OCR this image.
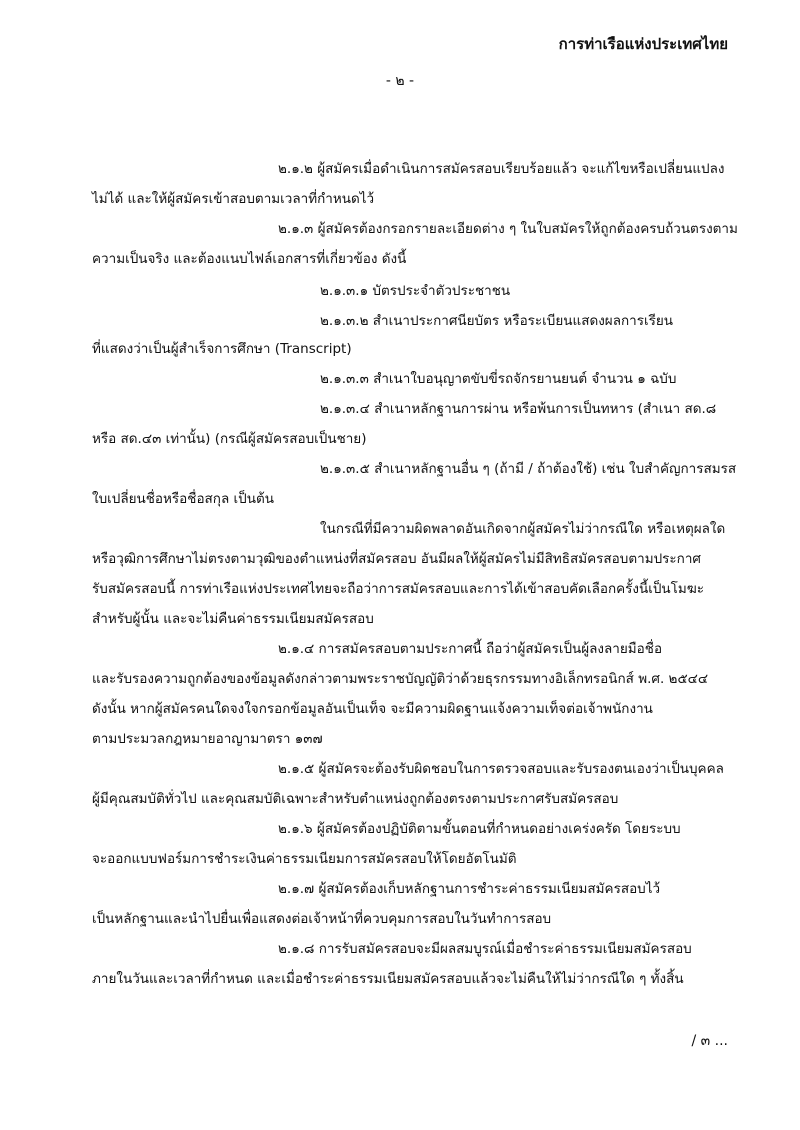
การท่าเรือแห่งประเทศไทย
- ๒ -
๒.๑.๒ ผู้สมัครเมื่อดำเนินการสมัครสอบเรียบร้อยแล้ว จะแก้ไขหรือเปลี่ยนแปลง
ไม่ได้ และให้ผู้สมัครเข้าสอบตามเวลาที่กำหนดไว้
๒.๑.๓ ผู้สมัครต้องกรอกรายละเอียดต่าง ๆ ในใบสมัครให้ถูกต้องครบถ้วนตรงตาม
ความเป็นจริง และต้องแนบไฟล์เอกสารที่เกี่ยวข้อง ดังนี้
๒.๑.๓.๑ บัตรประจำตัวประชาชน
๒.๑.๓.๒ สำเนาประกาศนียบัตร หรือระเบียนแสดงผลการเรียน
ที่แสดงว่าเป็นผู้สำเร็จการศึกษา (Transcript)
๒.๑.๓.๓ สำเนาใบอนุญาตขับขี่รถจักรยานยนต์ จำนวน ๑ ฉบับ
๒.๑.๓.๔ สำเนาหลักฐานการผ่าน หรือพ้นการเป็นทหาร (สำเนา สด.๘
หรือ สด.๔๓ เท่านั้น) (กรณีผู้สมัครสอบเป็นชาย)
๒.๑.๓.๕ สำเนาหลักฐานอื่น ๆ (ถ้ามี / ถ้าต้องใช้) เช่น ใบสำคัญการสมรส
ใบเปลี่ยนชื่อหรือชื่อสกุล เป็นต้น
ในกรณีที่มีความผิดพลาดอันเกิดจากผู้สมัครไม่ว่ากรณีใด หรือเหตุผลใด
หรือวุฒิการศึกษาไม่ตรงตามวุฒิของตำแหน่งที่สมัครสอบ อันมีผลให้ผู้สมัครไม่มีสิทธิสมัครสอบตามประกาศ
รับสมัครสอบนี้ การท่าเรือแห่งประเทศไทยจะถือว่าการสมัครสอบและการได้เข้าสอบคัดเลือกครั้งนี้เป็นโมฆะ
สำหรับผู้นั้น และจะไม่คืนค่าธรรมเนียมสมัครสอบ
๒.๑.๔ การสมัครสอบตามประกาศนี้ ถือว่าผู้สมัครเป็นผู้ลงลายมือชื่อ
และรับรองความถูกต้องของข้อมูลดังกล่าวตามพระราชบัญญัติว่าด้วยธุรกรรมทางอิเล็กทรอนิกส์ พ.ศ. ๒๕๔๔
ดังนั้น หากผู้สมัครคนใดจงใจกรอกข้อมูลอันเป็นเท็จ จะมีความผิดฐานแจ้งความเท็จต่อเจ้าพนักงาน
ตามประมวลกฎหมายอาญามาตรา ๑๓๗
๒.๑.๕ ผู้สมัครจะต้องรับผิดชอบในการตรวจสอบและรับรองตนเองว่าเป็นบุคคล
ผู้มีคุณสมบัติทั่วไป และคุณสมบัติเฉพาะสำหรับตำแหน่งถูกต้องตรงตามประกาศรับสมัครสอบ
๒.๑.๖ ผู้สมัครต้องปฏิบัติตามขั้นตอนที่กำหนดอย่างเคร่งครัด โดยระบบ
จะออกแบบฟอร์มการชำระเงินค่าธรรมเนียมการสมัครสอบให้โดยอัตโนมัติ
๒.๑.๗ ผู้สมัครต้องเก็บหลักฐานการชำระค่าธรรมเนียมสมัครสอบไว้
เป็นหลักฐานและนำไปยื่นเพื่อแสดงต่อเจ้าหน้าที่ควบคุมการสอบในวันทำการสอบ
๒.๑.๘ การรับสมัครสอบจะมีผลสมบูรณ์เมื่อชำระค่าธรรมเนียมสมัครสอบ
ภายในวันและเวลาที่กำหนด และเมื่อชำระค่าธรรมเนียมสมัครสอบแล้วจะไม่คืนให้ไม่ว่ากรณีใด ๆ ทั้งสิ้น
/ ๓ ...
